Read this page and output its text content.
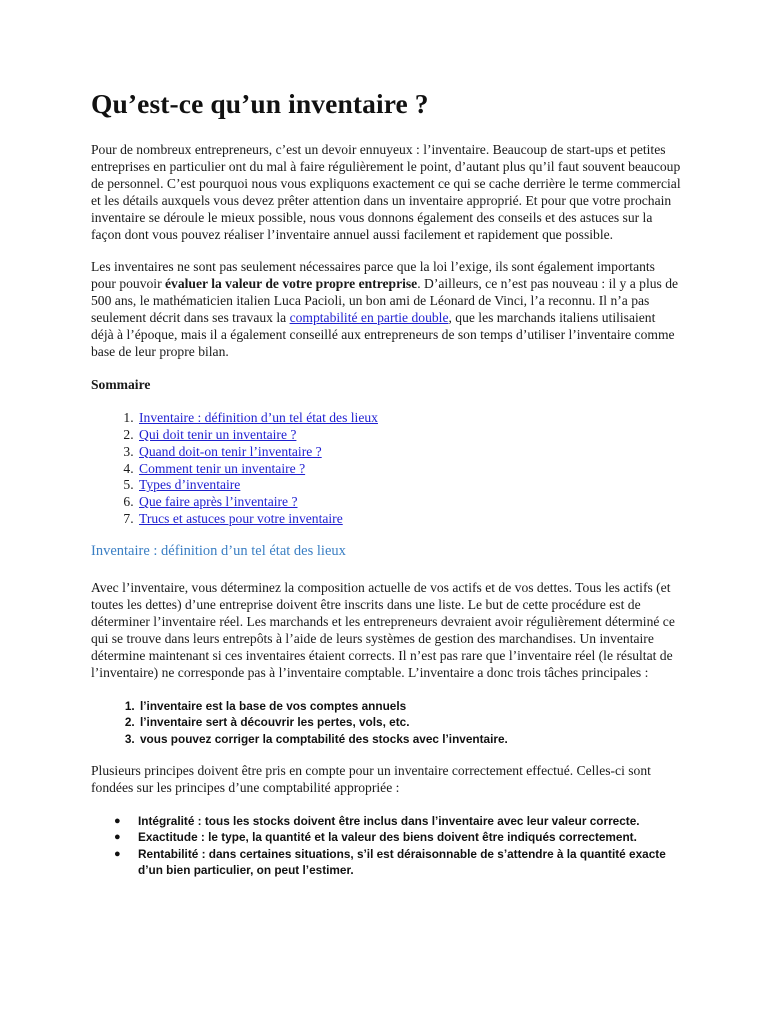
Qu’est-ce qu’un inventaire ?

Pour de nombreux entrepreneurs, c’est un devoir ennuyeux : l’inventaire. Beaucoup de start-ups et petites entreprises en particulier ont du mal à faire régulièrement le point, d’autant plus qu’il faut souvent beaucoup de personnel. C’est pourquoi nous vous expliquons exactement ce qui se cache derrière le terme commercial et les détails auxquels vous devez prêter attention dans un inventaire approprié. Et pour que votre prochain inventaire se déroule le mieux possible, nous vous donnons également des conseils et des astuces sur la façon dont vous pouvez réaliser l’inventaire annuel aussi facilement et rapidement que possible.

Les inventaires ne sont pas seulement nécessaires parce que la loi l’exige, ils sont également importants pour pouvoir évaluer la valeur de votre propre entreprise. D’ailleurs, ce n’est pas nouveau : il y a plus de 500 ans, le mathématicien italien Luca Pacioli, un bon ami de Léonard de Vinci, l’a reconnu. Il n’a pas seulement décrit dans ses travaux la comptabilité en partie double, que les marchands italiens utilisaient déjà à l’époque, mais il a également conseillé aux entrepreneurs de son temps d’utiliser l’inventaire comme base de leur propre bilan.

Sommaire
1. Inventaire : définition d’un tel état des lieux
2. Qui doit tenir un inventaire ?
3. Quand doit-on tenir l’inventaire ?
4. Comment tenir un inventaire ?
5. Types d’inventaire
6. Que faire après l’inventaire ?
7. Trucs et astuces pour votre inventaire
Inventaire : définition d’un tel état des lieux

Avec l’inventaire, vous déterminez la composition actuelle de vos actifs et de vos dettes. Tous les actifs (et toutes les dettes) d’une entreprise doivent être inscrits dans une liste. Le but de cette procédure est de déterminer l’inventaire réel. Les marchands et les entrepreneurs devraient avoir régulièrement déterminé ce qui se trouve dans leurs entrepôts à l’aide de leurs systèmes de gestion des marchandises. Un inventaire détermine maintenant si ces inventaires étaient corrects. Il n’est pas rare que l’inventaire réel (le résultat de l’inventaire) ne corresponde pas à l’inventaire comptable. L’inventaire a donc trois tâches principales :

1. l’inventaire est la base de vos comptes annuels
2. l’inventaire sert à découvrir les pertes, vols, etc.
3. vous pouvez corriger la comptabilité des stocks avec l’inventaire.

Plusieurs principes doivent être pris en compte pour un inventaire correctement effectué. Celles-ci sont fondées sur les principes d’une comptabilité appropriée :

● Intégralité : tous les stocks doivent être inclus dans l’inventaire avec leur valeur correcte.
● Exactitude : le type, la quantité et la valeur des biens doivent être indiqués correctement.
● Rentabilité : dans certaines situations, s’il est déraisonnable de s’attendre à la quantité exacte d’un bien particulier, on peut l’estimer.
